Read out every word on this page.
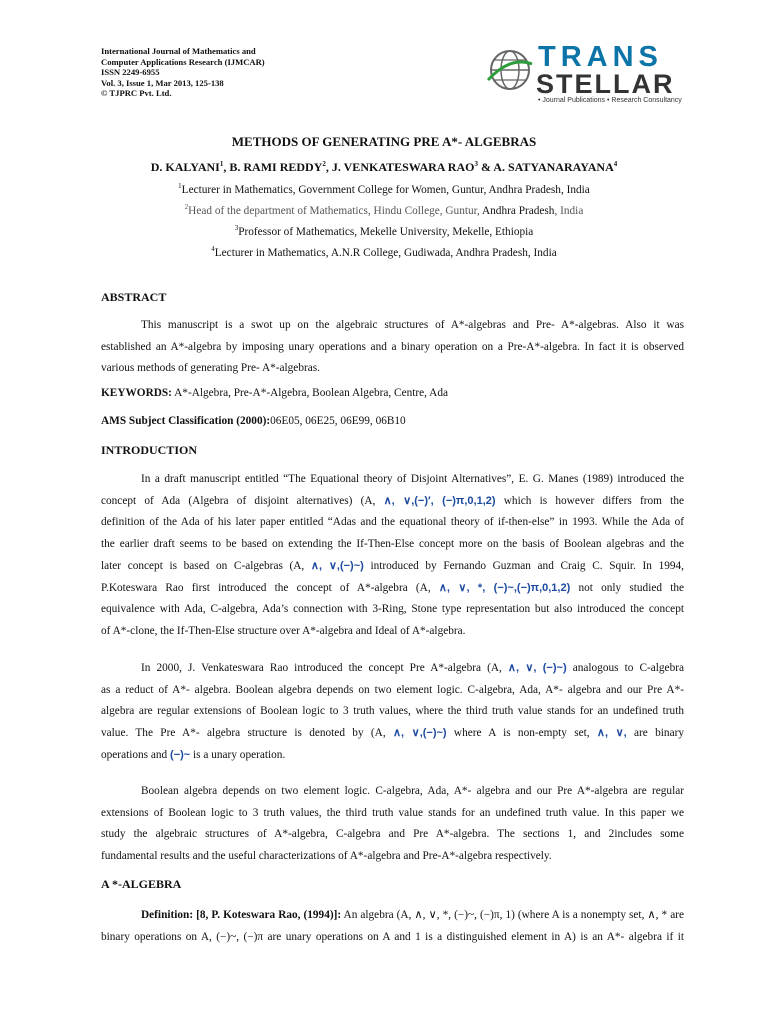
International Journal of Mathematics and
Computer Applications Research (IJMCAR)
ISSN 2249-6955
Vol. 3, Issue 1, Mar 2013, 125-138
© TJPRC Pvt. Ltd.
TRANS
STELLAR
• Journal Publications • Research Consultancy
METHODS OF GENERATING PRE A*- ALGEBRAS
D. KALYANI$^1$, B. RAMI REDDY$^2$, J. VENKATESWARA RAO$^3$ & A. SATYANARAYANA$^4$
$^1$Lecturer in Mathematics, Government College for Women, Guntur, Andhra Pradesh, India
$^2$Head of the department of Mathematics, Hindu College, Guntur, Andhra Pradesh, India
$^3$Professor of Mathematics, Mekelle University, Mekelle, Ethiopia
$^4$Lecturer in Mathematics, A.N.R College, Gudiwada, Andhra Pradesh, India
ABSTRACT
This manuscript is a swot up on the algebraic structures of A*-algebras and Pre- A*-algebras. Also it was
established an A*-algebra by imposing unary operations and a binary operation on a Pre-A*-algebra. In fact it is observed
various methods of generating Pre- A*-algebras.
KEYWORDS: A*-Algebra, Pre-A*-Algebra, Boolean Algebra, Centre, Ada
AMS Subject Classification (2000):06E05, 06E25, 06E99, 06B10
INTRODUCTION
In a draft manuscript entitled “The Equational theory of Disjoint Alternatives”, E. G. Manes (1989) introduced the
concept of Ada (Algebra of disjoint alternatives) (A, ∧, ∨,(−)′, (−)π,0,1,2) which is however differs from the
definition of the Ada of his later paper entitled “Adas and the equational theory of if-then-else” in 1993. While the Ada of
the earlier draft seems to be based on extending the If-Then-Else concept more on the basis of Boolean algebras and the
later concept is based on C-algebras (A, ∧, ∨,(−)~) introduced by Fernando Guzman and Craig C. Squir. In 1994,
P.Koteswara Rao first introduced the concept of A*-algebra (A, ∧, ∨, *, (−)~,(−)π,0,1,2) not only studied the
equivalence with Ada, C-algebra, Ada’s connection with 3-Ring, Stone type representation but also introduced the concept
of A*-clone, the If-Then-Else structure over A*-algebra and Ideal of A*-algebra.
In 2000, J. Venkateswara Rao introduced the concept Pre A*-algebra (A, ∧, ∨, (−)~) analogous to C-algebra
as a reduct of A*- algebra. Boolean algebra depends on two element logic. C-algebra, Ada, A*- algebra and our Pre A*-
algebra are regular extensions of Boolean logic to 3 truth values, where the third truth value stands for an undefined truth
value. The Pre A*- algebra structure is denoted by (A, ∧, ∨,(−)~) where A is non-empty set, ∧, ∨, are binary
operations and (−)~ is a unary operation.
Boolean algebra depends on two element logic. C-algebra, Ada, A*- algebra and our Pre A*-algebra are regular
extensions of Boolean logic to 3 truth values, the third truth value stands for an undefined truth value. In this paper we
study the algebraic structures of A*-algebra, C-algebra and Pre A*-algebra. The sections 1, and 2includes some
fundamental results and the useful characterizations of A*-algebra and Pre-A*-algebra respectively.
A *-ALGEBRA
Definition: [8, P. Koteswara Rao, (1994)]: An algebra (A, ∧, ∨, *, (−)~, (−)π, 1) (where A is a nonempty set, ∧, * are
binary operations on A, (−)~, (−)π are unary operations on A and 1 is a distinguished element in A) is an A*- algebra if it
